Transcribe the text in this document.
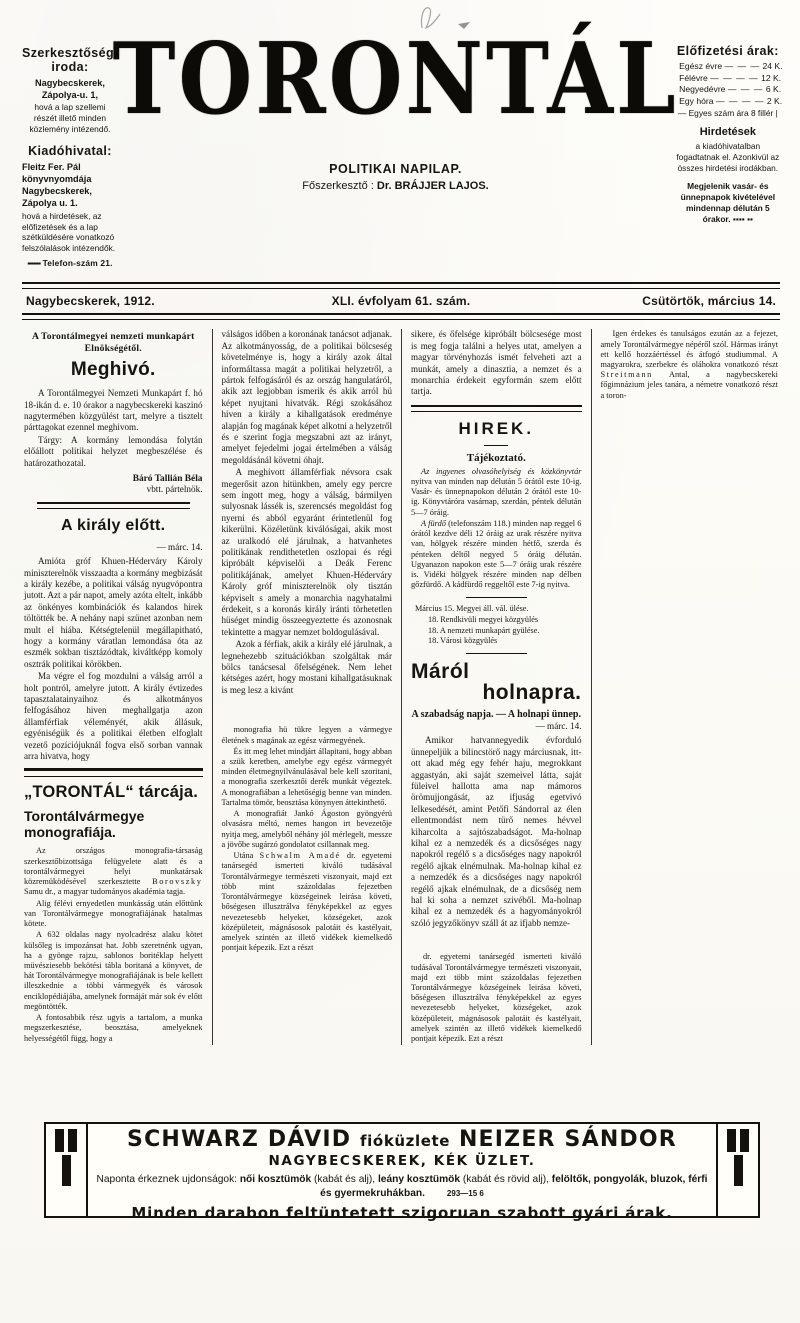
Szerkesztőségi iroda:
Nagybecskerek, Zápolya-u. 1,
hová a lap szellemi részét illető minden közlemény intézendő.
Kiadóhivatal:
Fleitz Fer. Pál könyvnyomdája Nagybecskerek, Zápolya u. 1.
hová a hirdetések, az előfizetések és a lap szétküldésére vonatkozó felszólalások intézendők.
▪▪▪▪▪▪▪ Telefon-szám 21.
TORONTÁL
POLITIKAI NAPILAP.
Főszerkesztő : Dr. BRÁJJER LAJOS.
Előfizetési árak:
Egész évre — — — 24 K.
Félévre — — — — 12 K.
Negyedévre — — — 6 K.
Egy hóra — — — — 2 K.
— Egyes szám ára 8 fillér |
Hirdetések
a kiadóhivatalban fogadtatnak el. Azonkivül az összes hirdetési irodákban.
Megjelenik vasár- és ünnepnapok kivételével mindennap délután 5 órakor. ▪▪▪▪ ▪▪
Nagybecskerek, 1912.	XLI. évfolyam 61. szám.	Csütörtök, március 14.
A Torontálmegyei nemzeti munkapárt Elnökségétől.
Meghivó.

A Torontálmegyei Nemzeti Munkapárt f. hó 18-ikán d. e. 10 órakor a nagybecskereki kaszinó nagytermében közgyülést tart, melyre a tisztelt párttagokat ezennel meghivom.

Tárgy: A kormány lemondása folytán előállott politikai helyzet megbeszélése és határozathozatal.

Báró Tallián Béla
vbtt. pártelnök.
A király előtt.
— márc. 14.

Amióta gróf Khuen-Héderváry Károly miniszterelnök visszaadta a kormány megbizását a király kezébe, a politikai válság nyugvópontra jutott. Azt a pár napot, amely azóta eltelt, inkább az önkényes kombinációk és kalandos hirek töltötték be. A nehány napi szünet azonban nem mult el hiába. Kétségtelenül megállapitható, hogy a kormány váratlan lemondása óta az eszmék sokban tisztázódtak, kiváltképp komoly osztrák politikai körökben.

Ma végre el fog mozdulni a válság arról a holt pontról, amelyre jutott. A király évtizedes tapasztalatainyaihoz és alkotmányos felfogásához hiven meghallgatja azon államférfiak véleményét, akik állásuk, egyéniségük és a politikai életben elfoglalt vezető pozíciójuknál fogva első sorban vannak arra hivatva, hogy

„TORONTÁL“ tárcája.
Torontálvármegye monografiája.

Az országos monografia-társaság szerkesztőbizottsága felügyelete alatt és a torontálvármegyei helyi munkatársak közremüködésével szerkesztette Borovszky Samu dr., a magyar tudományos akadémia tagja.

Alig félévi ernyedetlen munkásság után előttünk van Torontálvármegye monografiájának hatalmas kötete.

A 632 oldalas nagy nyolcadrész alaku kötet külsőleg is impozánsat hat. Jobb szeretnénk ugyan, ha a gyönge rajzu, sablonos boritéklap helyett müvésziesebb bekötési tábla boritaná a könyvet, de hát Torontálvármegye monografiájának is bele kellett illeszkednie a többi vármegyék és városok enciklopédiájába, amelynek formáját már sok év előtt megöntötték.

A fontosabbik rész ugyis a tartalom, a munka megszerkesztése, beosztása, amelyeknek helyességétől függ, hogy a

válságos időben a koronának tanácsot adjanak. Az alkotmányosság, de a politikai bölcseség követelménye is, hogy a király azok által informáltassa magát a politikai helyzetről, a pártok felfogásáról és az ország hangulatáról, akik azt legjobban ismerik és akik arról hü képet nyujtani hivatvák. Régi szokásához hiven a király a kihallgatások eredménye alapján fog magának képet alkotni a helyzetről és e szerint fogja megszabni azt az irányt, amelyet fejedelmi jogai értelmében a válság megoldásánál követni óhajt.

A meghivott államférfiak névsora csak megerősit azon hitünkben, amely egy percre sem ingott meg, hogy a válság, bármilyen sulyosnak lássék is, szerencsés megoldást fog nyerni és abból egyaránt érintetlenül fog kikerülni. Közéletünk kiválóságai, akik most az uralkodó elé járulnak, a hatvanhetes politikának rendithetetlen oszlopai és régi kipróbált képviselői a Deák Ferenc politikájának, amelyet Khuen-Héderváry Károly gróf miniszterelnök oly tisztán képviselt s amely a monarchia nagyhatalmi érdekeit, s a koronás király iránti törhetetlen hüséget mindig összeegyeztette és azonosnak tekintette a magyar nemzet boldogulásával.

Azok a férfiak, akik a király elé járulnak, a legnehezebb szituációkban szolgáltak már bölcs tanácsesal őfelségének. Nem lehet kétséges azért, hogy mostani kihallgatásuknak is meg lesz a kivánt

monografia hü tükre legyen a vármegye életének s magának az egész vármegyének.

És itt meg lehet mindjárt állapitani, hogy abban a szük keretben, amelybe egy egész vármegyét minden életmegnyilvánulásával bele kell szoritani, a monografia szerkesztői derék munkát végeztek. A monografiában a lehetőségig benne van minden. Tartalma tömör, beosztása könynyen áttekinthető.

A monografiát Jankó Ágoston gyöngyérü olvasásra méltó, nemes hangon irt bevezetője nyitja meg, amelyből néhány jól mérlegelt, messze a jövőbe sugárzó gondolatot csillannak meg.

Utána Schwalm Amadé dr. egyetemi tanársegéd ismerteti kiváló tudásával Torontálvármegye természeti viszonyait, majd ezt több mint százoldalas fejezetben Torontálvármegye községeinek leirása követi, bőségesen illusztrálva fényképekkel az egyes nevezetesebb helyeket, községeket, azok középületeit, mágnásosok palotáit és kastélyait, amelyek szintén az illető vidékek kiemelkedő pontjait képezik. Ezt a részt

sikere, és őfelsége kipróbált bölcsesége most is meg fogja találni a helyes utat, amelyen a magyar törvényhozás ismét felveheti azt a munkát, amely a dinasztia, a nemzet és a monarchia érdekeit egyformán szem előtt tartja.

HIREK.
Tájékoztató.

Az ingyenes olvasóhelyiség és közkönyvtár nyitva van minden nap délután 5 órától este 10-ig. Vasár- és ünnepnapokon délután 2 órától este 10-ig. Könyvtáróra vasárnap, szerdán, péntek délután 5—7 óráig.

A fürdő (telefonszám 118.) minden nap reggel 6 órától kezdve déli 12 óráig az urak részére nyitva van, hölgyek részére minden hétfő, szerda és pénteken déltől negyed 5 óráig délután. Ugyanazon napokon este 5—7 óráig urak részére is. Vidéki hölgyek részére minden nap délben gőzfürdő. A kádfürdő reggeltől este 7-ig nyitva.

Március 15. Megyei áll. vál. ülése.
18. Rendkivüli megyei közgyülés
18. A nemzeti munkapárt gyülése.
18. Városi közgyülés
Máról
holnapra.
A szabadság napja. — A holnapi ünnep.
— márc. 14.

Amikor hatvannegyedik évforduló ünnepeljük a bilincstörő nagy márciusnak, itt-ott akad még egy fehér haju, megrokkant aggastyán, aki saját szemeivel látta, saját füleivel hallotta ama nap mámoros örömujjongását, az ifjuság egetvivó lelkesedését, amint Petőfi Sándorral az élen ellentmondást nem türő nemes hévvel kiharcolta a sajtószabadságot. Ma-holnap kihal ez a nemzedék és a dicsőséges nagy napokról regélő s a dicsőséges nagy napokról regélő ajkak elnémulnak. Ma-holnap kihal ez a nemzedék és a dicsőséges nagy napokról regélő ajkak elnémulnak, de a dicsőség nem hal ki soha a nemzet szivéből. Ma-holnap kihal ez a nemzedék és a hagyományokról szóló jegyzőkönyv száll át az ifjabb nemze-

dr. egyetemi tanársegéd ismerteti kiváló tudásával Torontálvármegye természeti viszonyait, majd ezt több mint százoldalas fejezetben Torontálvármegye községeinek leirása követi, bőségesen illusztrálva fényképekkel az egyes nevezetesebb helyeket, községeket, azok középületeit, mágnásosok palotáit és kastélyait, amelyek szintén az illető vidékek kiemelkedő pontjait képezik. Ezt a részt

Igen érdekes és tanulságos ezután az a fejezet, amely Torontálvármegye népéről szól. Hármas irányt ett kellő hozzáértéssel és átfogó studiummal. A magyarokra, szerbekre és oláhokra vonatkozó részt Streitmann Antal, a nagybecskereki főgimnázium jeles tanára, a németre vonatkozó részt a toron-

SCHWARZ DÁVID fióküzlete NEIZER SÁNDOR
NAGYBECSKEREK, KÉK ÜZLET.
Naponta érkeznek ujdonságok: női kosztümök (kabát és alj), leány kosztümök (kabát és rövid alj), felöltők, pongyolák, bluzok, férfi és gyermekruhákban.	293—15 6
Minden darabon feltüntetett szigoruan szabott gyári árak.
